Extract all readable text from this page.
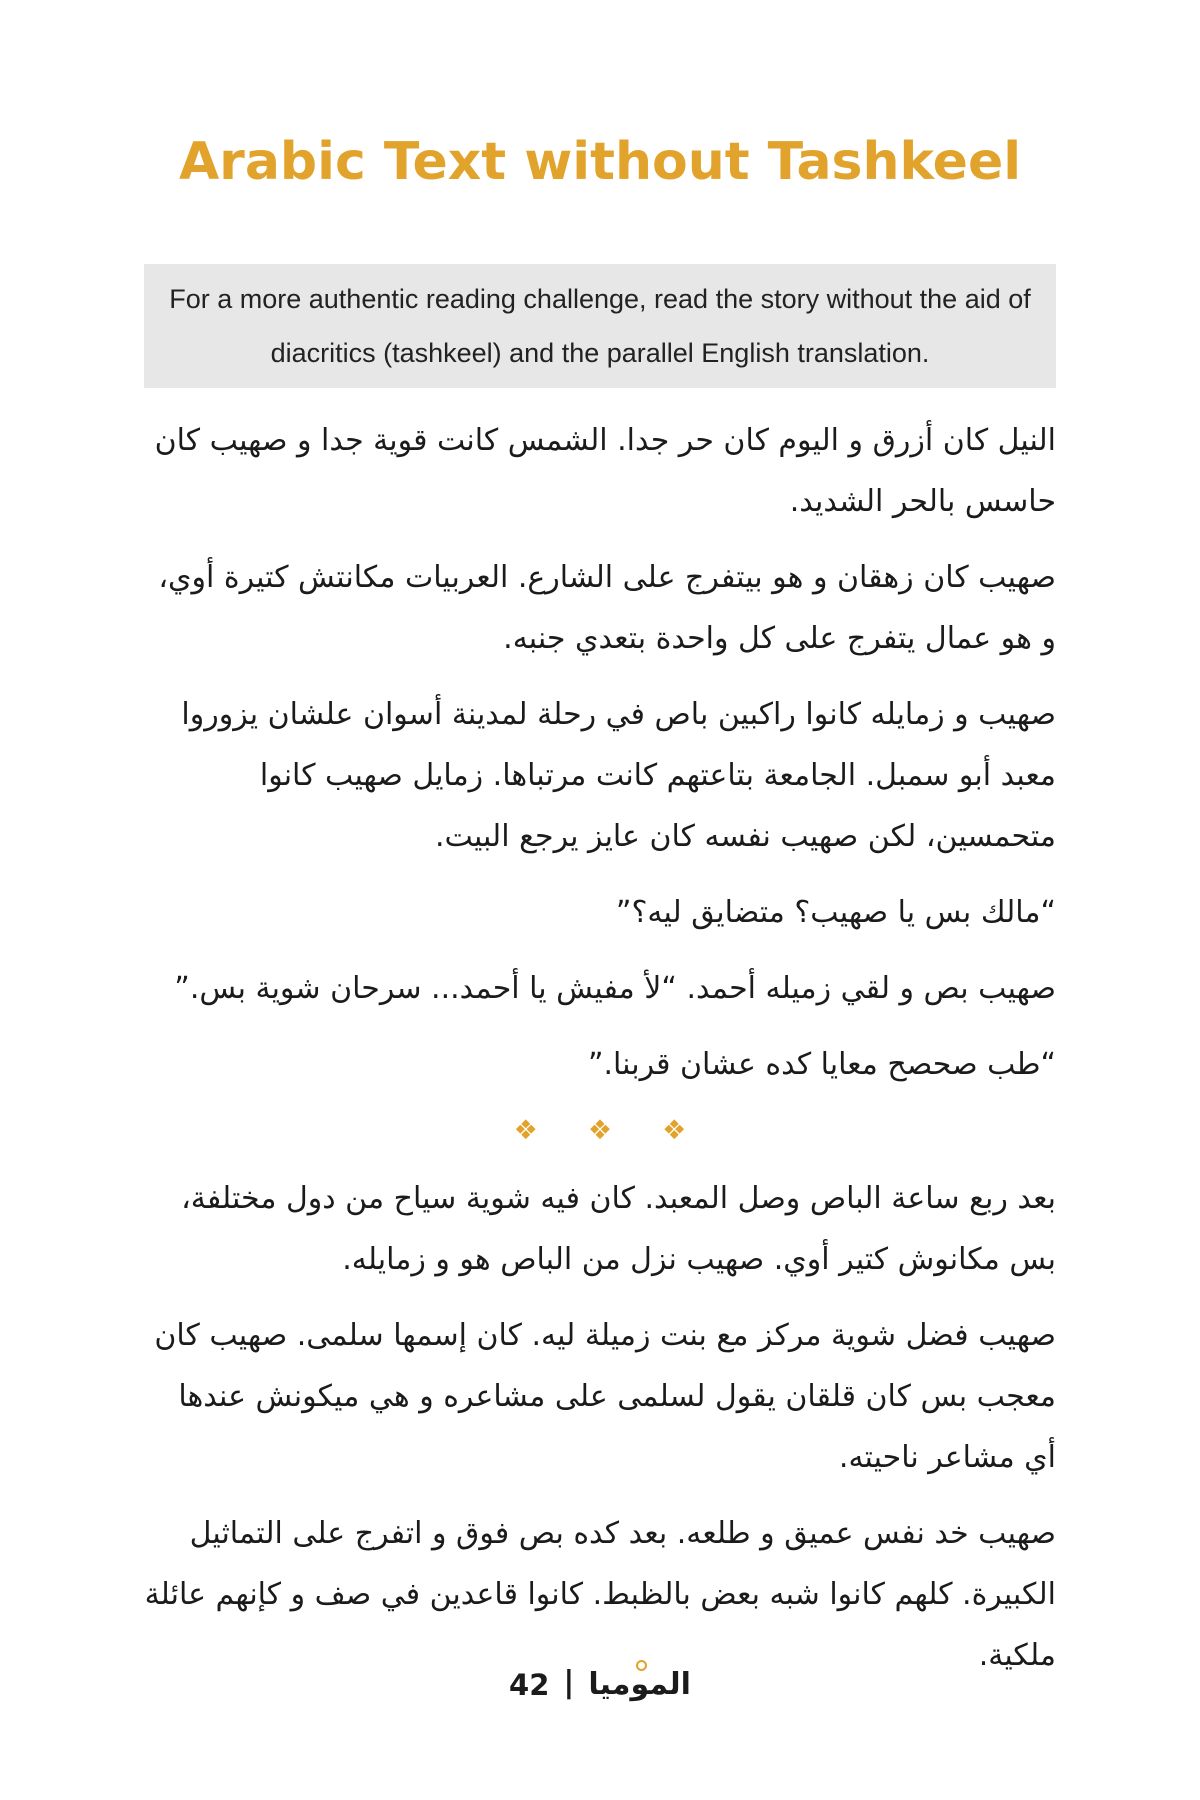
Arabic Text without Tashkeel
For a more authentic reading challenge, read the story without the aid of diacritics (tashkeel) and the parallel English translation.

النيل كان أزرق و اليوم كان حر جدا. الشمس كانت قوية جدا و صهيب كان حاسس بالحر الشديد.

صهيب كان زهقان و هو بيتفرج على الشارع. العربيات مكانتش كتيرة أوي، و هو عمال يتفرج على كل واحدة بتعدي جنبه.

صهيب و زمايله كانوا راكبين باص في رحلة لمدينة أسوان علشان يزوروا معبد أبو سمبل. الجامعة بتاعتهم كانت مرتباها. زمايل صهيب كانوا متحمسين، لكن صهيب نفسه كان عايز يرجع البيت.

“مالك بس يا صهيب؟ متضايق ليه؟”

صهيب بص و لقي زميله أحمد. “لأ مفيش يا أحمد... سرحان شوية بس.”

“طب صحصح معايا كده عشان قربنا.”

❖ ❖ ❖

بعد ربع ساعة الباص وصل المعبد. كان فيه شوية سياح من دول مختلفة، بس مكانوش كتير أوي. صهيب نزل من الباص هو و زمايله.

صهيب فضل شوية مركز مع بنت زميلة ليه. كان إسمها سلمى. صهيب كان معجب بس كان قلقان يقول لسلمى على مشاعره و هي ميكونش عندها أي مشاعر ناحيته.

صهيب خد نفس عميق و طلعه. بعد كده بص فوق و اتفرج على التماثيل الكبيرة. كلهم كانوا شبه بعض بالظبط. كانوا قاعدين في صف و كإنهم عائلة ملكية.

42 | الموميا
